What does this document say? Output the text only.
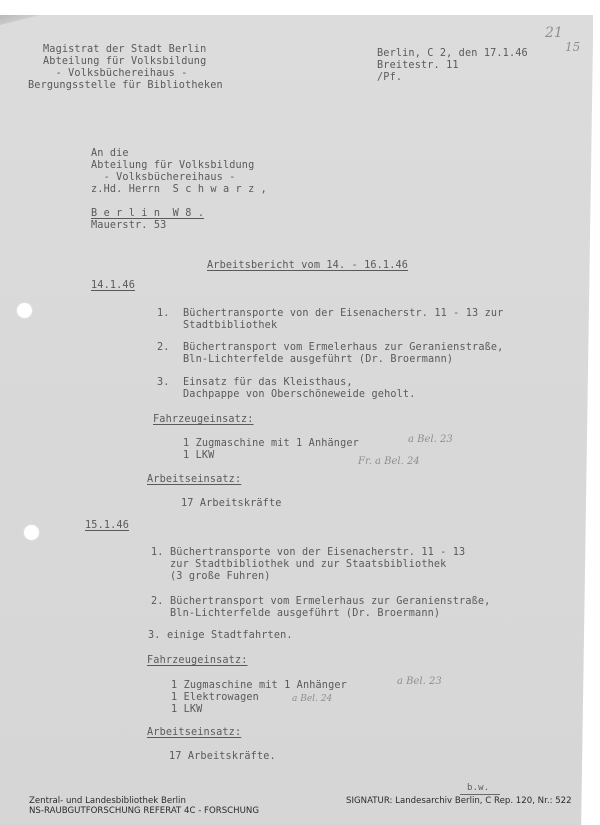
Magistrat der Stadt Berlin
Abteilung für Volksbildung
- Volksbüchereihaus -
Bergungsstelle für Bibliotheken
Berlin, C 2, den 17.1.46
Breitestr. 11
/Pf.
21
15
An die
Abteilung für Volksbildung
- Volksbüchereihaus -
z.Hd. Herrn  S c h w a r z ,
B e r l i n  W 8 .
Mauerstr. 53
Arbeitsbericht vom 14. - 16.1.46
14.1.46
1. Büchertransporte von der Eisenacherstr. 11 - 13 zur
Stadtbibliothek
2. Büchertransport vom Ermelerhaus zur Geranienstraße,
Bln-Lichterfelde ausgeführt (Dr. Broermann)
3. Einsatz für das Kleisthaus,
Dachpappe von Oberschöneweide geholt.
Fahrzeugeinsatz:
1 Zugmaschine mit 1 Anhänger
1 LKW
a Bel. 23
Fr. a Bel. 24
Arbeitseinsatz:
17 Arbeitskräfte
15.1.46
1. Büchertransporte von der Eisenacherstr. 11 - 13
zur Stadtbibliothek und zur Staatsbibliothek
(3 große Fuhren)
2. Büchertransport vom Ermelerhaus zur Geranienstraße,
Bln-Lichterfelde ausgeführt (Dr. Broermann)
3. einige Stadtfahrten.
Fahrzeugeinsatz:
1 Zugmaschine mit 1 Anhänger
1 Elektrowagen
1 LKW
a Bel. 23
a Bel. 24
Arbeitseinsatz:
17 Arbeitskräfte.
b.w.
Zentral- und Landesbibliothek Berlin
NS-RAUBGUTFORSCHUNG REFERAT 4C - FORSCHUNG
SIGNATUR: Landesarchiv Berlin, C Rep. 120, Nr.: 522
